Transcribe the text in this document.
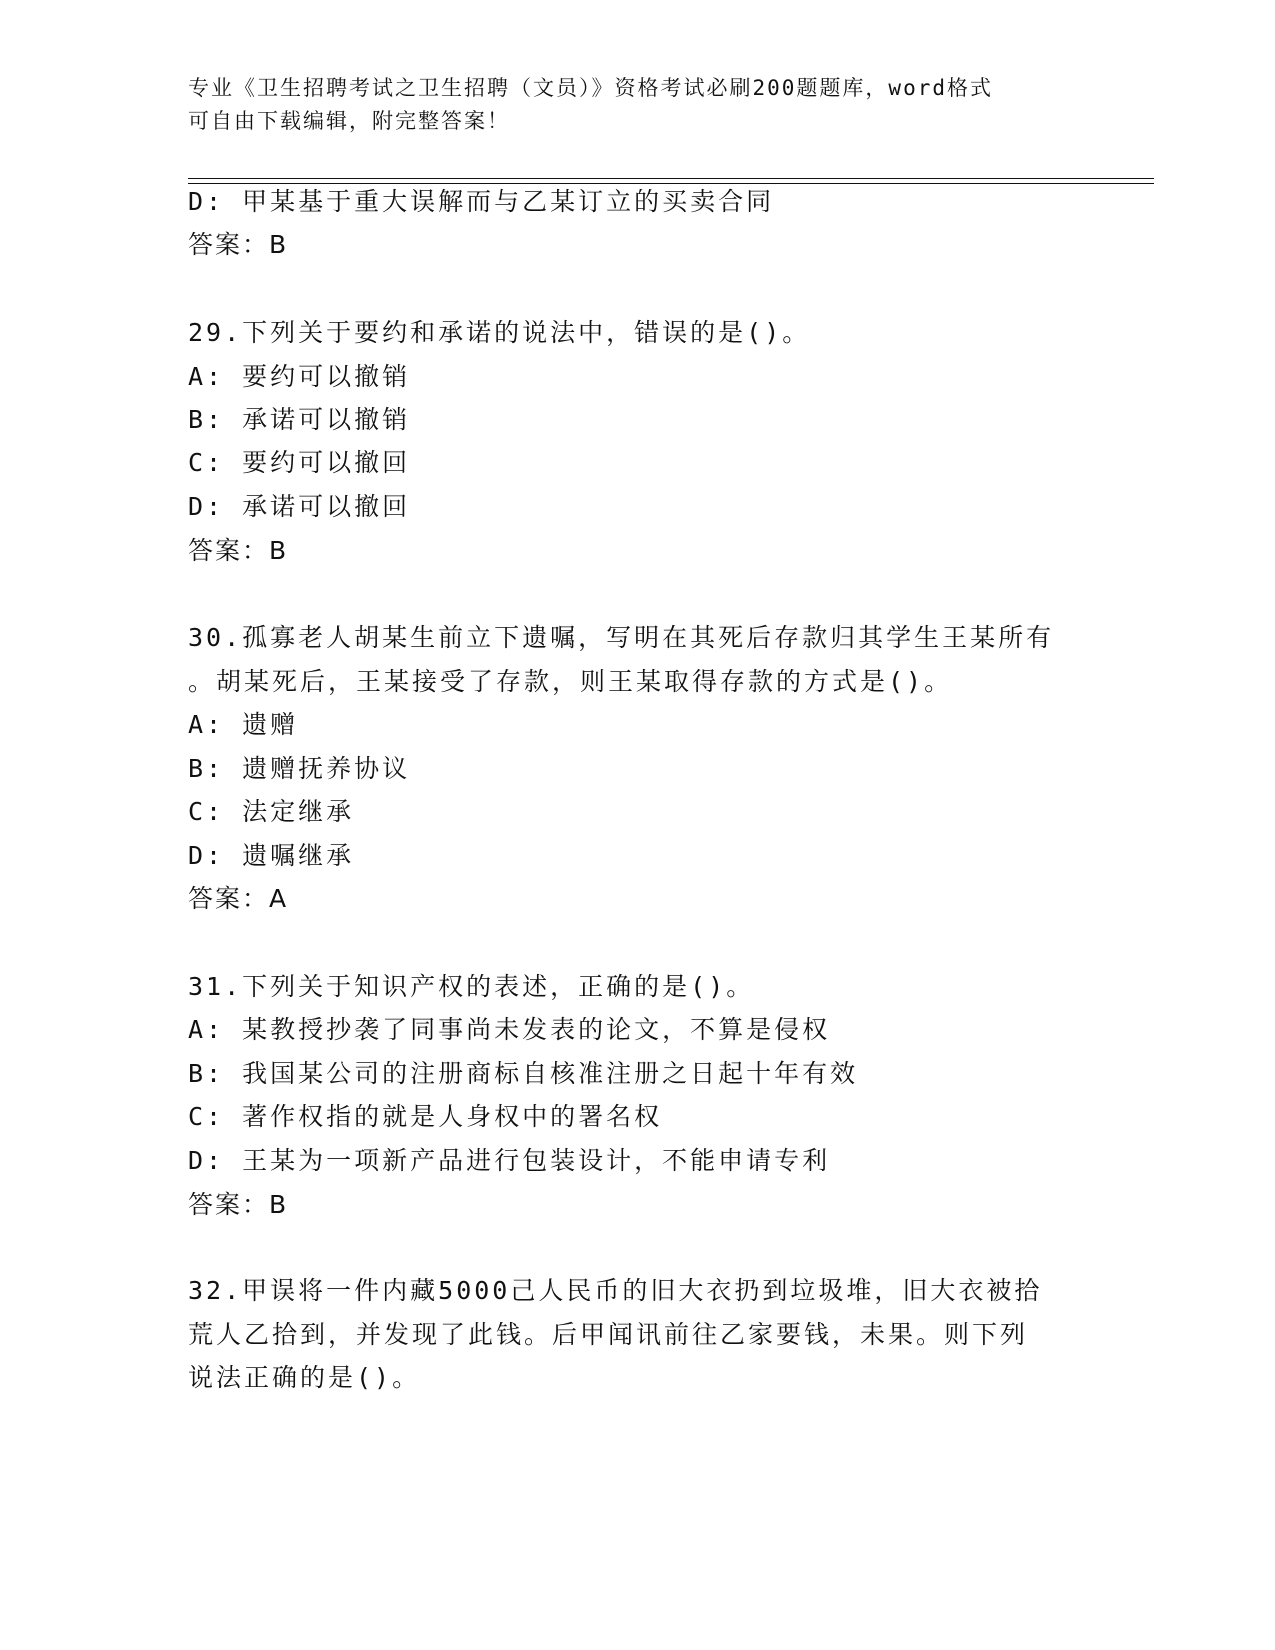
专业《卫生招聘考试之卫生招聘（文员）》资格考试必刷200题题库，word格式
可自由下载编辑，附完整答案！
D: 甲某基于重大误解而与乙某订立的买卖合同
答案：B
29.下列关于要约和承诺的说法中，错误的是()。
A: 要约可以撤销
B: 承诺可以撤销
C: 要约可以撤回
D: 承诺可以撤回
答案：B
30.孤寡老人胡某生前立下遗嘱，写明在其死后存款归其学生王某所有
。胡某死后，王某接受了存款，则王某取得存款的方式是()。
A: 遗赠
B: 遗赠抚养协议
C: 法定继承
D: 遗嘱继承
答案：A
31.下列关于知识产权的表述，正确的是()。
A: 某教授抄袭了同事尚未发表的论文，不算是侵权
B: 我国某公司的注册商标自核准注册之日起十年有效
C: 著作权指的就是人身权中的署名权
D: 王某为一项新产品进行包装设计，不能申请专利
答案：B
32.甲误将一件内藏5000己人民币的旧大衣扔到垃圾堆，旧大衣被拾
荒人乙拾到，并发现了此钱。后甲闻讯前往乙家要钱，未果。则下列
说法正确的是()。
